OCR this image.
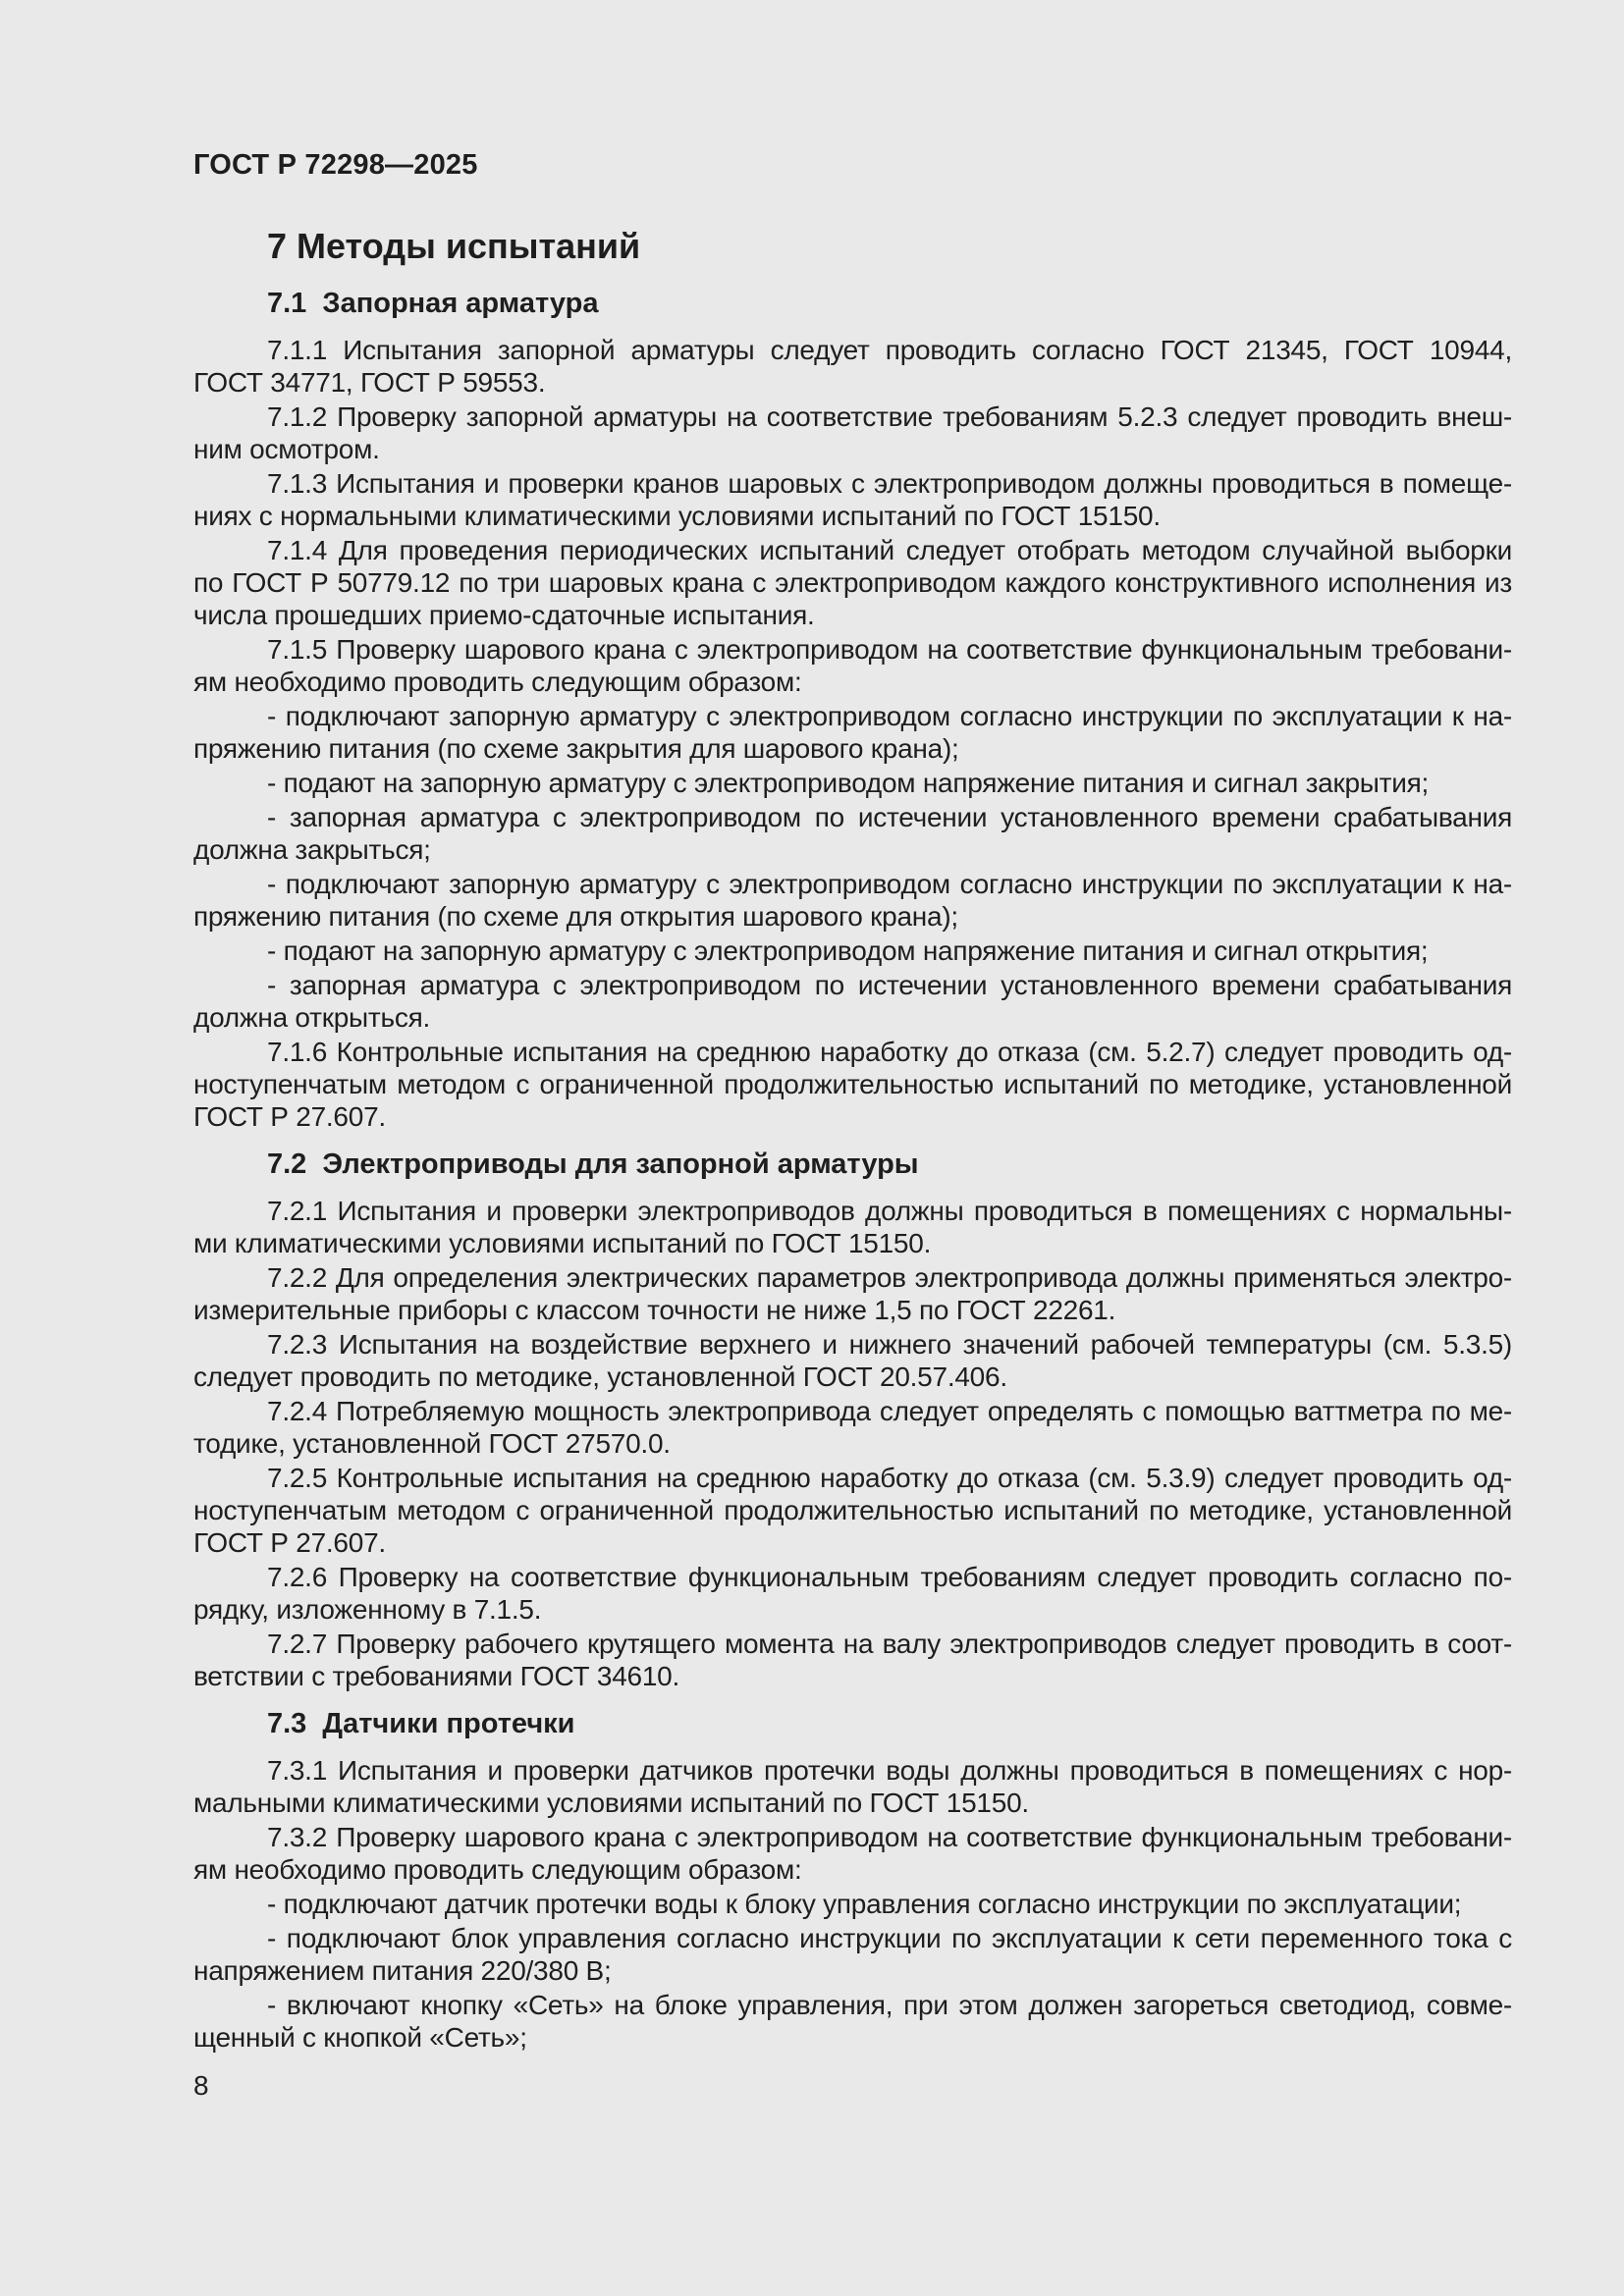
ГОСТ Р 72298—2025
7 Методы испытаний
7.1  Запорная арматура
7.1.1 Испытания запорной арматуры следует проводить согласно ГОСТ 21345, ГОСТ 10944,
ГОСТ 34771, ГОСТ Р 59553.
7.1.2 Проверку запорной арматуры на соответствие требованиям 5.2.3 следует проводить внеш-
ним осмотром.
7.1.3 Испытания и проверки кранов шаровых с электроприводом должны проводиться в помеще-
ниях с нормальными климатическими условиями испытаний по ГОСТ 15150.
7.1.4 Для проведения периодических испытаний следует отобрать методом случайной выборки
по ГОСТ Р 50779.12 по три шаровых крана с электроприводом каждого конструктивного исполнения из
числа прошедших приемо-сдаточные испытания.
7.1.5 Проверку шарового крана с электроприводом на соответствие функциональным требовани-
ям необходимо проводить следующим образом:
- подключают запорную арматуру с электроприводом согласно инструкции по эксплуатации к на-
пряжению питания (по схеме закрытия для шарового крана);
- подают на запорную арматуру с электроприводом напряжение питания и сигнал закрытия;
- запорная арматура с электроприводом по истечении установленного времени срабатывания
должна закрыться;
- подключают запорную арматуру с электроприводом согласно инструкции по эксплуатации к на-
пряжению питания (по схеме для открытия шарового крана);
- подают на запорную арматуру с электроприводом напряжение питания и сигнал открытия;
- запорная арматура с электроприводом по истечении установленного времени срабатывания
должна открыться.
7.1.6 Контрольные испытания на среднюю наработку до отказа (см. 5.2.7) следует проводить од-
ноступенчатым методом с ограниченной продолжительностью испытаний по методике, установленной
ГОСТ Р 27.607.
7.2  Электроприводы для запорной арматуры
7.2.1 Испытания и проверки электроприводов должны проводиться в помещениях с нормальны-
ми климатическими условиями испытаний по ГОСТ 15150.
7.2.2 Для определения электрических параметров электропривода должны применяться электро-
измерительные приборы с классом точности не ниже 1,5 по ГОСТ 22261.
7.2.3 Испытания на воздействие верхнего и нижнего значений рабочей температуры (см. 5.3.5)
следует проводить по методике, установленной ГОСТ 20.57.406.
7.2.4 Потребляемую мощность электропривода следует определять с помощью ваттметра по ме-
тодике, установленной ГОСТ 27570.0.
7.2.5 Контрольные испытания на среднюю наработку до отказа (см. 5.3.9) следует проводить од-
ноступенчатым методом с ограниченной продолжительностью испытаний по методике, установленной
ГОСТ Р 27.607.
7.2.6 Проверку на соответствие функциональным требованиям следует проводить согласно по-
рядку, изложенному в 7.1.5.
7.2.7 Проверку рабочего крутящего момента на валу электроприводов следует проводить в соот-
ветствии с требованиями ГОСТ 34610.
7.3  Датчики протечки
7.3.1 Испытания и проверки датчиков протечки воды должны проводиться в помещениях с нор-
мальными климатическими условиями испытаний по ГОСТ 15150.
7.3.2 Проверку шарового крана с электроприводом на соответствие функциональным требовани-
ям необходимо проводить следующим образом:
- подключают датчик протечки воды к блоку управления согласно инструкции по эксплуатации;
- подключают блок управления согласно инструкции по эксплуатации к сети переменного тока с
напряжением питания 220/380 В;
- включают кнопку «Сеть» на блоке управления, при этом должен загореться светодиод, совме-
щенный с кнопкой «Сеть»;
8
